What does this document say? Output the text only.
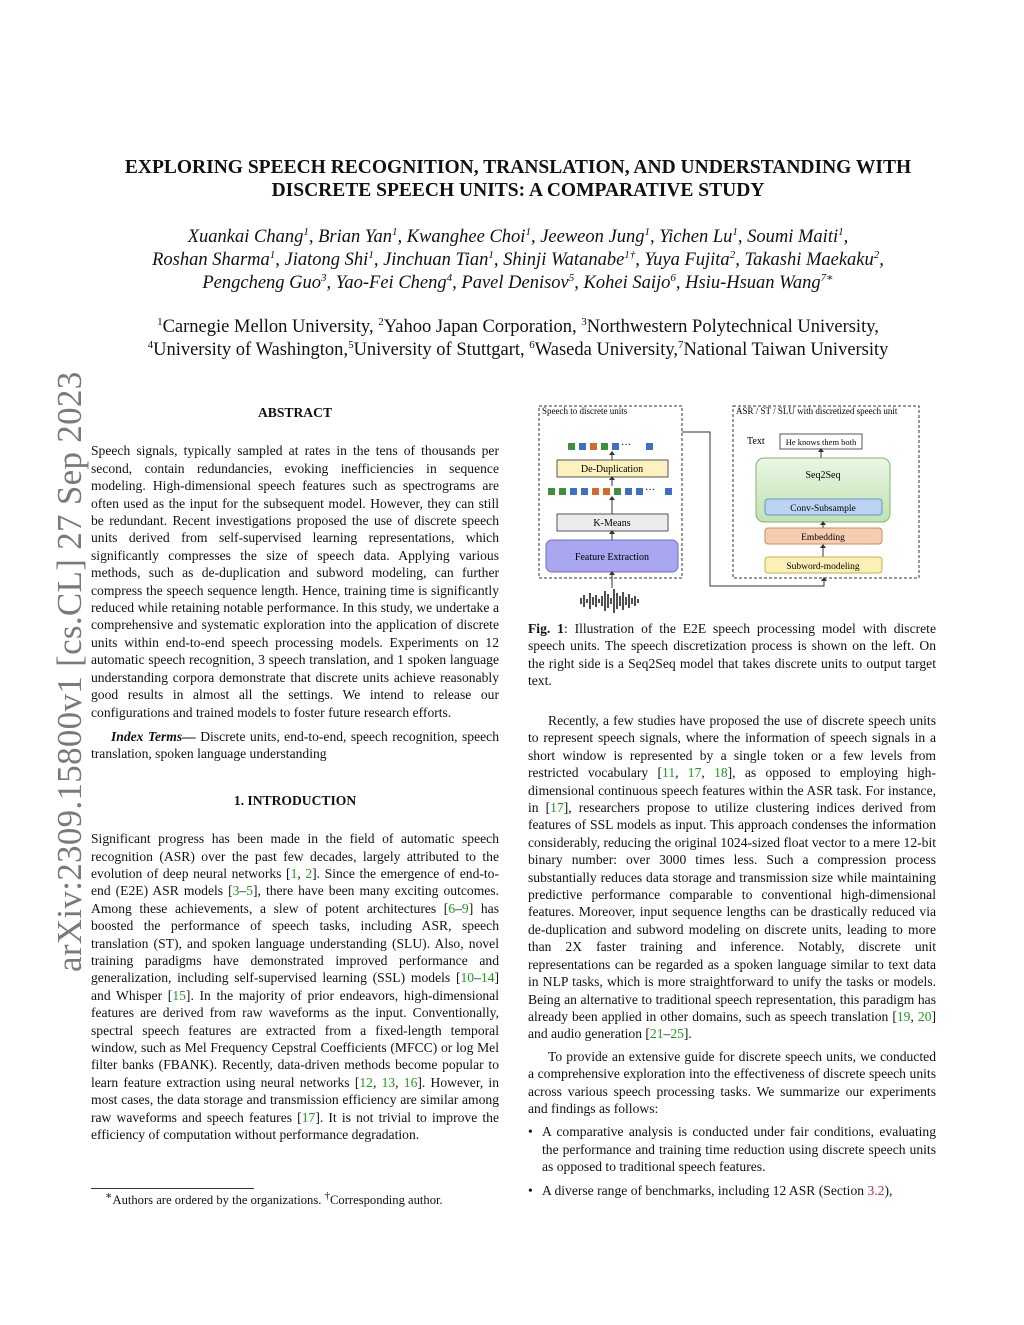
arXiv:2309.15800v1 [cs.CL] 27 Sep 2023
EXPLORING SPEECH RECOGNITION, TRANSLATION, AND UNDERSTANDING WITH
DISCRETE SPEECH UNITS: A COMPARATIVE STUDY
Xuankai Chang$^1$, Brian Yan$^1$, Kwanghee Choi$^1$, Jeeweon Jung$^1$, Yichen Lu$^1$, Soumi Maiti$^1$,
Roshan Sharma$^1$, Jiatong Shi$^1$, Jinchuan Tian$^1$, Shinji Watanabe$^{1\dagger}$, Yuya Fujita$^2$, Takashi Maekaku$^2$,
Pengcheng Guo$^3$, Yao-Fei Cheng$^4$, Pavel Denisov$^5$, Kohei Saijo$^6$, Hsiu-Hsuan Wang$^{7∗}$
$^1$Carnegie Mellon University, $^2$Yahoo Japan Corporation, $^3$Northwestern Polytechnical University,
$^4$University of Washington,$^5$University of Stuttgart, $^6$Waseda University,$^7$National Taiwan University
ABSTRACT

Speech signals, typically sampled at rates in the tens of thousands per second, contain redundancies, evoking inefficiencies in sequence modeling. High-dimensional speech features such as spectrograms are often used as the input for the subsequent model. However, they can still be redundant. Recent investigations proposed the use of discrete speech units derived from self-supervised learning representations, which significantly compresses the size of speech data. Applying various methods, such as de-duplication and subword modeling, can further compress the speech sequence length. Hence, training time is significantly reduced while retaining notable performance. In this study, we undertake a comprehensive and systematic exploration into the application of discrete units within end-to-end speech processing models. Experiments on 12 automatic speech recognition, 3 speech translation, and 1 spoken language understanding corpora demonstrate that discrete units achieve reasonably good results in almost all the settings. We intend to release our configurations and trained models to foster future research efforts.

Index Terms— Discrete units, end-to-end, speech recognition, speech translation, spoken language understanding

1. INTRODUCTION

Significant progress has been made in the field of automatic speech recognition (ASR) over the past few decades, largely attributed to the evolution of deep neural networks [1, 2]. Since the emergence of end-to-end (E2E) ASR models [3–5], there have been many exciting outcomes. Among these achievements, a slew of potent architectures [6–9] has boosted the performance of speech tasks, including ASR, speech translation (ST), and spoken language understanding (SLU). Also, novel training paradigms have demonstrated improved performance and generalization, including self-supervised learning (SSL) models [10–14] and Whisper [15]. In the majority of prior endeavors, high-dimensional features are derived from raw waveforms as the input. Conventionally, spectral speech features are extracted from a fixed-length temporal window, such as Mel Frequency Cepstral Coefficients (MFCC) or log Mel filter banks (FBANK). Recently, data-driven methods become popular to learn feature extraction using neural networks [12, 13, 16]. However, in most cases, the data storage and transmission efficiency are similar among raw waveforms and speech features [17]. It is not trivial to improve the efficiency of computation without performance degradation.

∗Authors are ordered by the organizations. †Corresponding author.
Speech to discrete units
···
De-Duplication
···
K-Means
Feature Extraction
ASR / ST / SLU with discretized speech unit
Text He knows them both
Seq2Seq
Conv-Subsample
Embedding
Subword-modeling
Fig. 1: Illustration of the E2E speech processing model with discrete speech units. The speech discretization process is shown on the left. On the right side is a Seq2Seq model that takes discrete units to output target text.

Recently, a few studies have proposed the use of discrete speech units to represent speech signals, where the information of speech signals in a short window is represented by a single token or a few levels from restricted vocabulary [11, 17, 18], as opposed to employing high-dimensional continuous speech features within the ASR task. For instance, in [17], researchers propose to utilize clustering indices derived from features of SSL models as input. This approach condenses the information considerably, reducing the original 1024-sized float vector to a mere 12-bit binary number: over 3000 times less. Such a compression process substantially reduces data storage and transmission size while maintaining predictive performance comparable to conventional high-dimensional features. Moreover, input sequence lengths can be drastically reduced via de-duplication and subword modeling on discrete units, leading to more than 2X faster training and inference. Notably, discrete unit representations can be regarded as a spoken language similar to text data in NLP tasks, which is more straightforward to unify the tasks or models. Being an alternative to traditional speech representation, this paradigm has already been applied in other domains, such as speech translation [19, 20] and audio generation [21–25].

To provide an extensive guide for discrete speech units, we conducted a comprehensive exploration into the effectiveness of discrete speech units across various speech processing tasks. We summarize our experiments and findings as follows:

• A comparative analysis is conducted under fair conditions, evaluating the performance and training time reduction using discrete speech units as opposed to traditional speech features.
• A diverse range of benchmarks, including 12 ASR (Section 3.2),
